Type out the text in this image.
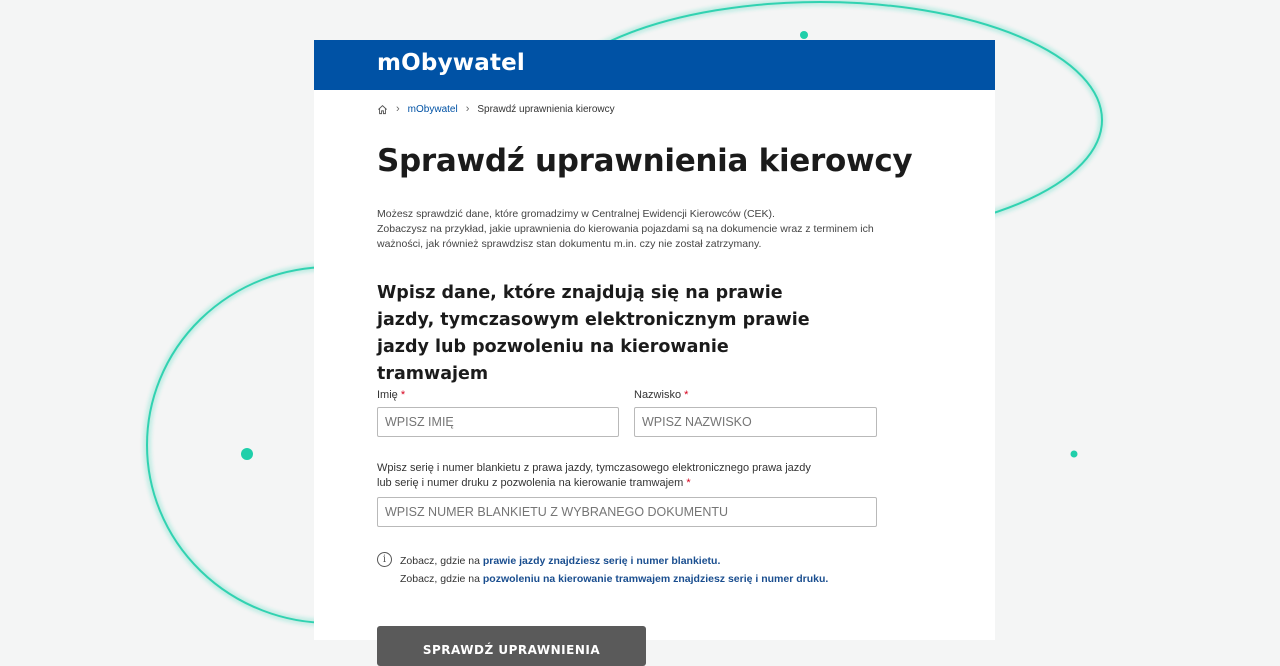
mObywatel
› mObywatel › Sprawdź uprawnienia kierowcy
Sprawdź uprawnienia kierowcy

Możesz sprawdzić dane, które gromadzimy w Centralnej Ewidencji Kierowców (CEK).

Zobaczysz na przykład, jakie uprawnienia do kierowania pojazdami są na dokumencie wraz z terminem ich ważności, jak również sprawdzisz stan dokumentu m.in. czy nie został zatrzymany.

Wpisz dane, które znajdują się na prawie jazdy, tymczasowym elektronicznym prawie jazdy lub pozwoleniu na kierowanie tramwajem
Imię *
WPISZ IMIĘ	Nazwisko *
WPISZ NAZWISKO
Wpisz serię i numer blankietu z prawa jazdy, tymczasowego elektronicznego prawa jazdy
lub serię i numer druku z pozwolenia na kierowanie tramwajem *
WPISZ NUMER BLANKIETU Z WYBRANEGO DOKUMENTU
i	Zobacz, gdzie na prawie jazdy znajdziesz serię i numer blankietu.
Zobacz, gdzie na pozwoleniu na kierowanie tramwajem znajdziesz serię i numer druku.
SPRAWDŹ UPRAWNIENIA
